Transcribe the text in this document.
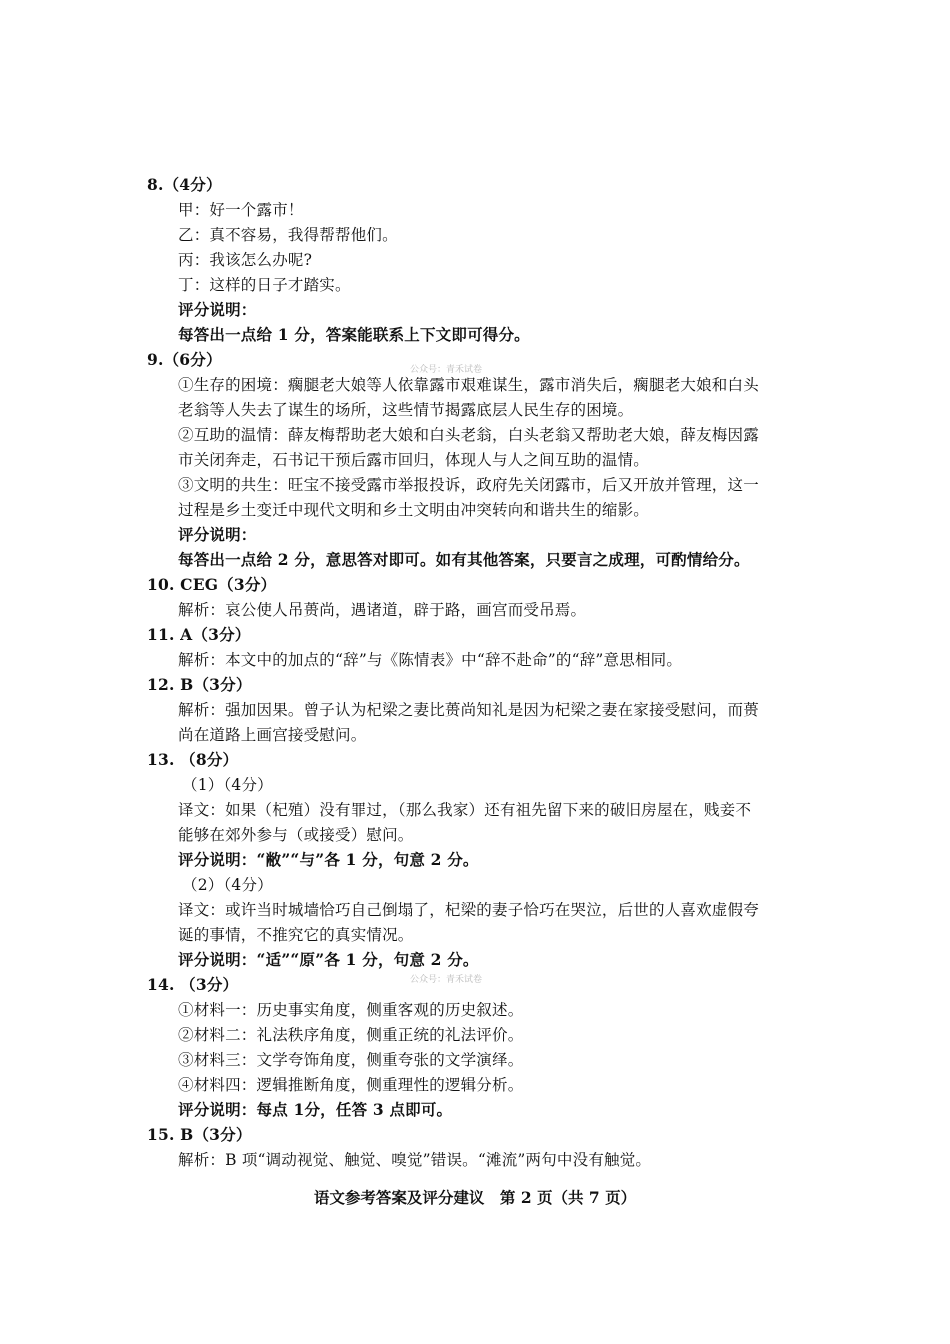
8.（4分）
甲：好一个露市！
乙：真不容易，我得帮帮他们。
丙：我该怎么办呢?
丁：这样的日子才踏实。
评分说明：
每答出一点给 1 分，答案能联系上下文即可得分。
9.（6分）
公众号：青禾试卷
①生存的困境：瘸腿老大娘等人依靠露市艰难谋生，露市消失后，瘸腿老大娘和白头
老翁等人失去了谋生的场所，这些情节揭露底层人民生存的困境。
②互助的温情：薛友梅帮助老大娘和白头老翁，白头老翁又帮助老大娘，薛友梅因露
市关闭奔走，石书记干预后露市回归，体现人与人之间互助的温情。
③文明的共生：旺宝不接受露市举报投诉，政府先关闭露市，后又开放并管理，这一
过程是乡土变迁中现代文明和乡土文明由冲突转向和谐共生的缩影。
评分说明：
每答出一点给 2 分，意思答对即可。如有其他答案，只要言之成理，可酌情给分。
10. CEG（3分）
解析：哀公使人吊蒉尚，遇诸道，辟于路，画宫而受吊焉。
11. A（3分）
解析：本文中的加点的“辞”与《陈情表》中“辞不赴命”的“辞”意思相同。
12. B（3分）
解析：强加因果。曾子认为杞梁之妻比蒉尚知礼是因为杞梁之妻在家接受慰问，而蒉
尚在道路上画宫接受慰问。
13. （8分）
（1）（4分）
译文：如果（杞殖）没有罪过，（那么我家）还有祖先留下来的破旧房屋在，贱妾不
能够在郊外参与（或接受）慰问。
评分说明：“敝”“与”各 1 分，句意 2 分。
（2）（4分）
译文：或许当时城墙恰巧自己倒塌了，杞梁的妻子恰巧在哭泣，后世的人喜欢虚假夸
诞的事情，不推究它的真实情况。
评分说明：“适”“原”各 1 分，句意 2 分。
14. （3分）	公众号：青禾试卷
①材料一：历史事实角度，侧重客观的历史叙述。
②材料二：礼法秩序角度，侧重正统的礼法评价。
③材料三：文学夸饰角度，侧重夸张的文学演绎。
④材料四：逻辑推断角度，侧重理性的逻辑分析。
评分说明：每点 1分，任答 3 点即可。
15. B（3分）
解析：B 项“调动视觉、触觉、嗅觉”错误。“滩流”两句中没有触觉。
语文参考答案及评分建议　第 2 页（共 7 页）
